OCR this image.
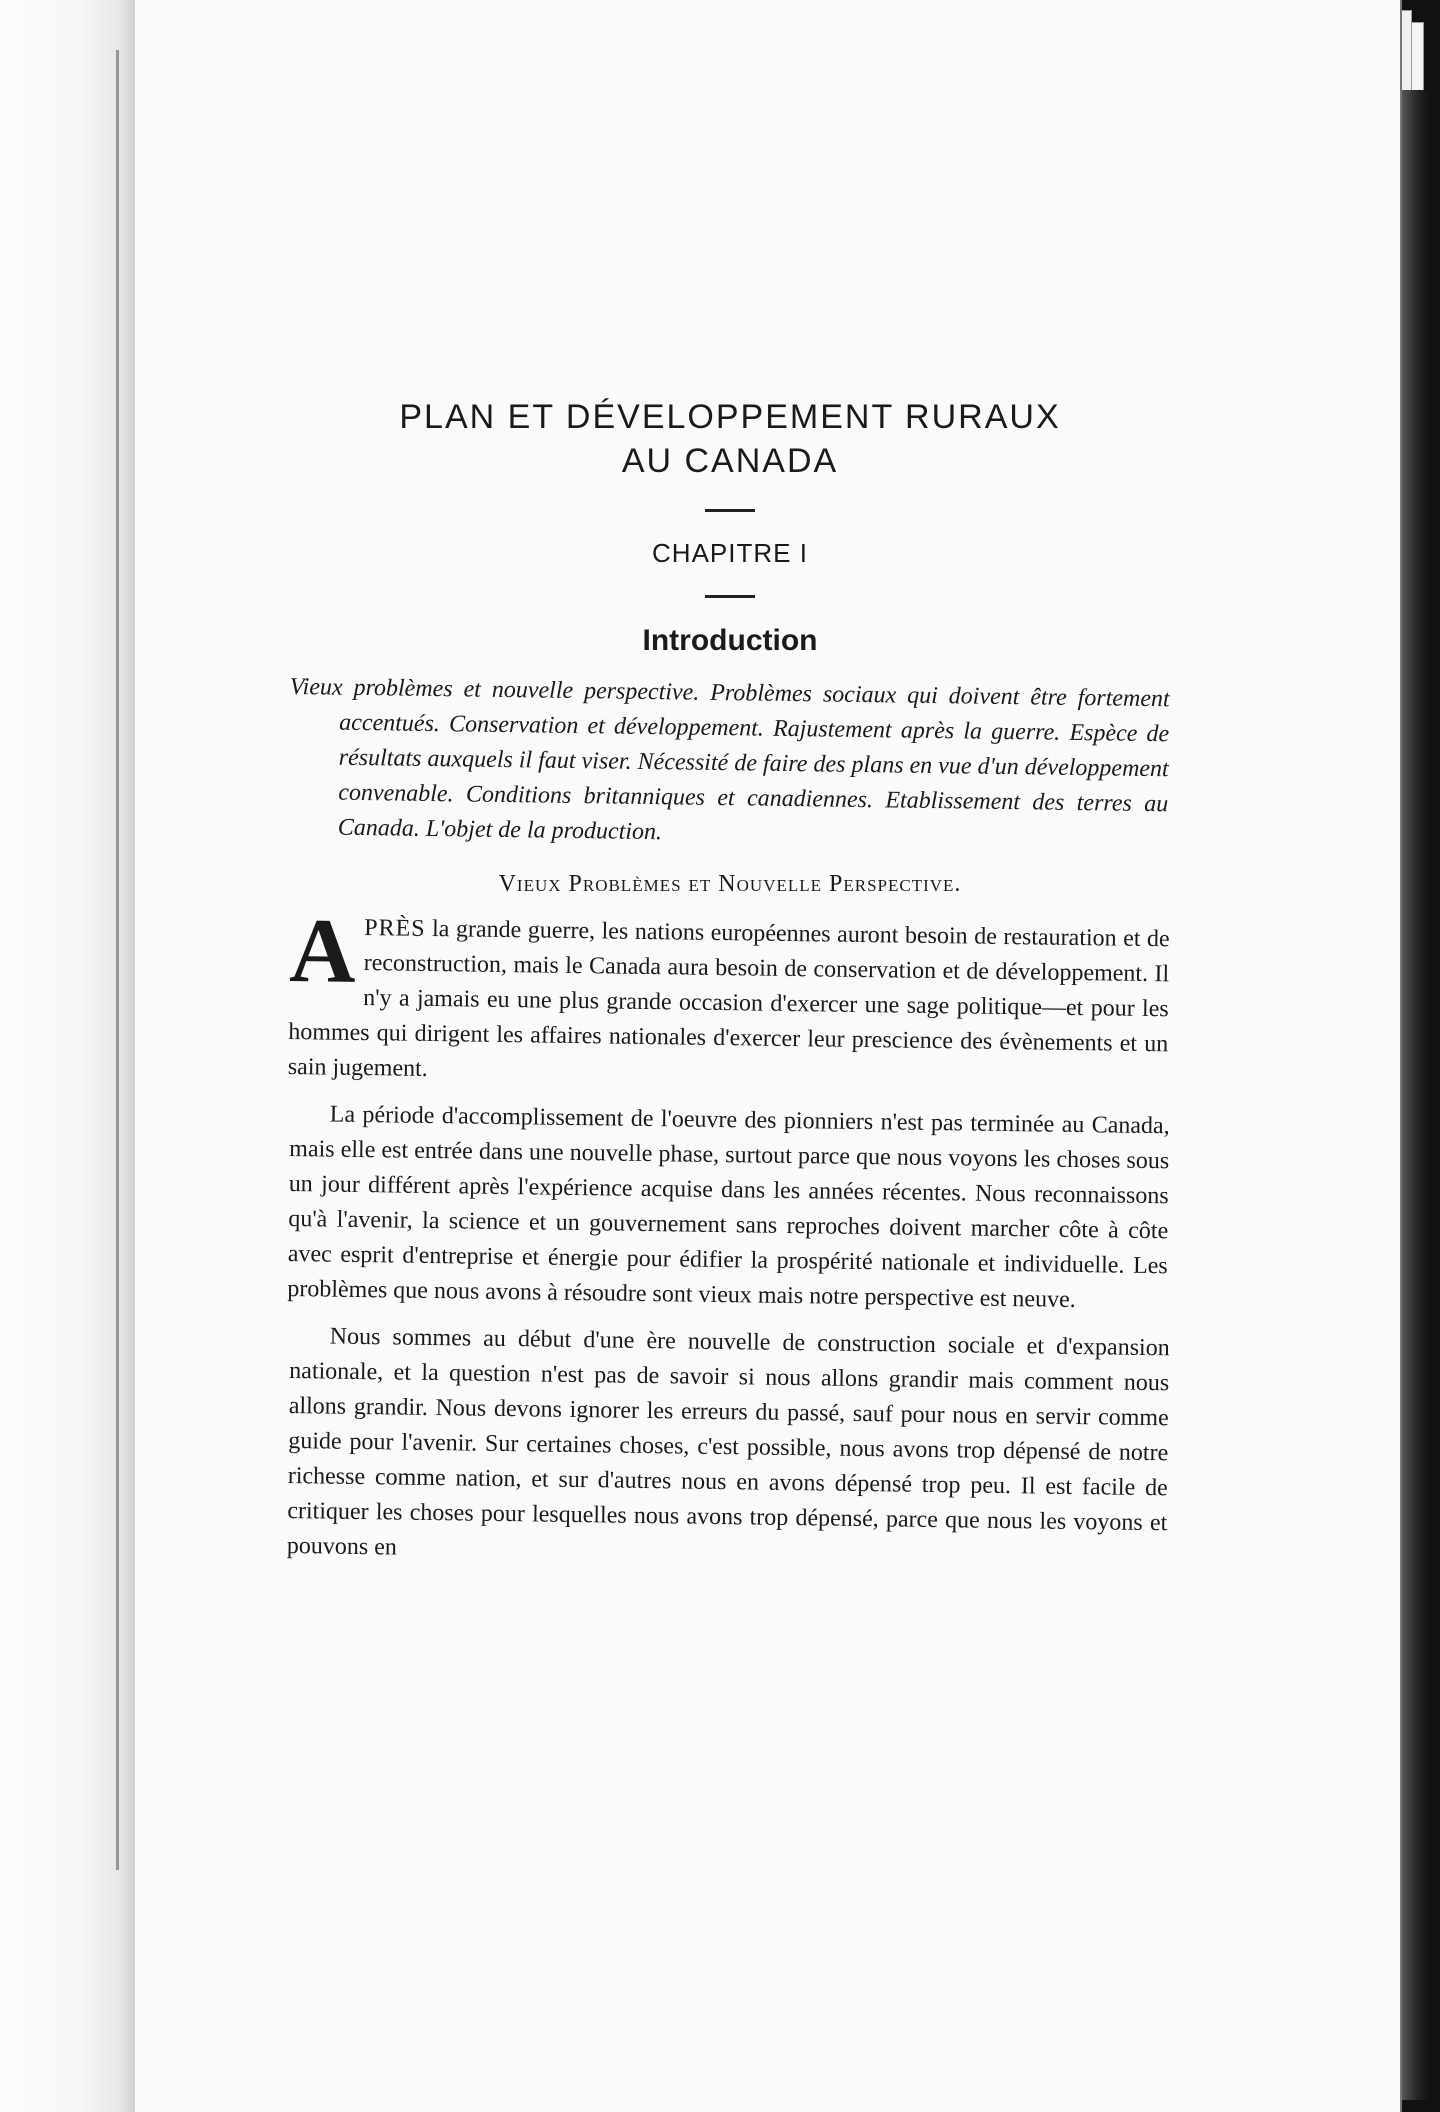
PLAN ET DÉVELOPPEMENT RURAUX
AU CANADA

CHAPITRE I

Introduction

Vieux problèmes et nouvelle perspective. Problèmes sociaux qui doivent être fortement accentués. Conservation et développement. Rajustement après la guerre. Espèce de résultats auxquels il faut viser. Nécessité de faire des plans en vue d'un développement convenable. Conditions britanniques et canadiennes. Etablissement des terres au Canada. L'objet de la production.

Vieux Problèmes et Nouvelle Perspective.

APRÈS la grande guerre, les nations européennes auront besoin de restauration et de reconstruction, mais le Canada aura besoin de conservation et de développement. Il n'y a jamais eu une plus grande occasion d'exercer une sage politique—et pour les hommes qui dirigent les affaires nationales d'exercer leur prescience des évènements et un sain jugement.

La période d'accomplissement de l'oeuvre des pionniers n'est pas terminée au Canada, mais elle est entrée dans une nouvelle phase, surtout parce que nous voyons les choses sous un jour différent après l'expérience acquise dans les années récentes. Nous reconnaissons qu'à l'avenir, la science et un gouvernement sans reproches doivent marcher côte à côte avec esprit d'entreprise et énergie pour édifier la prospérité nationale et individuelle. Les problèmes que nous avons à résoudre sont vieux mais notre perspective est neuve.

Nous sommes au début d'une ère nouvelle de construction sociale et d'expansion nationale, et la question n'est pas de savoir si nous allons grandir mais comment nous allons grandir. Nous devons ignorer les erreurs du passé, sauf pour nous en servir comme guide pour l'avenir. Sur certaines choses, c'est possible, nous avons trop dépensé de notre richesse comme nation, et sur d'autres nous en avons dépensé trop peu. Il est facile de critiquer les choses pour lesquelles nous avons trop dépensé, parce que nous les voyons et pouvons en
